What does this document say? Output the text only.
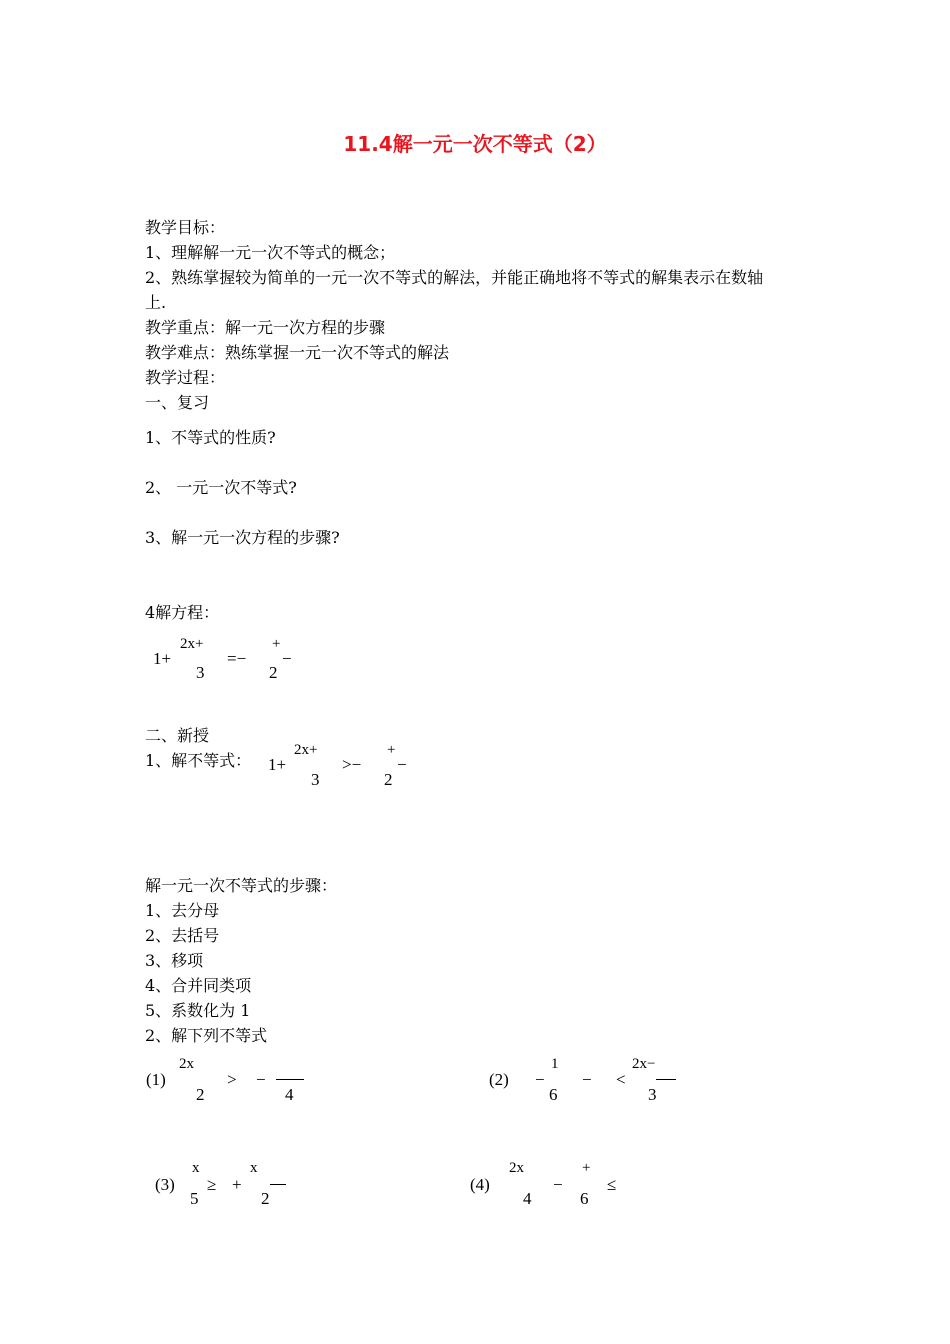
11.4解一元一次不等式（2）
教学目标：
1、理解解一元一次不等式的概念；
2、熟练掌握较为简单的一元一次不等式的解法，并能正确地将不等式的解集表示在数轴
上.
教学重点：解一元一次方程的步骤
教学难点：熟练掌握一元一次不等式的解法
教学过程：
一、复习
1、不等式的性质?
2、 一元一次不等式?
3、解一元一次方程的步骤?
4解方程：
1+
2x+
3
=−
+
2
−
二、新授
1、解不等式： 1+
2x+
3
>−
+
2
−
解一元一次不等式的步骤：
1、去分母
2、去括号
3、移项
4、合并同类项
5、系数化为 1
2、解下列不等式
(1)
2x
2
> −
4
(2) −
1
6
− <
2x−
3
(3)
x
5
≥ +
x
2
(4)
2x
4
−
+
6
≤
